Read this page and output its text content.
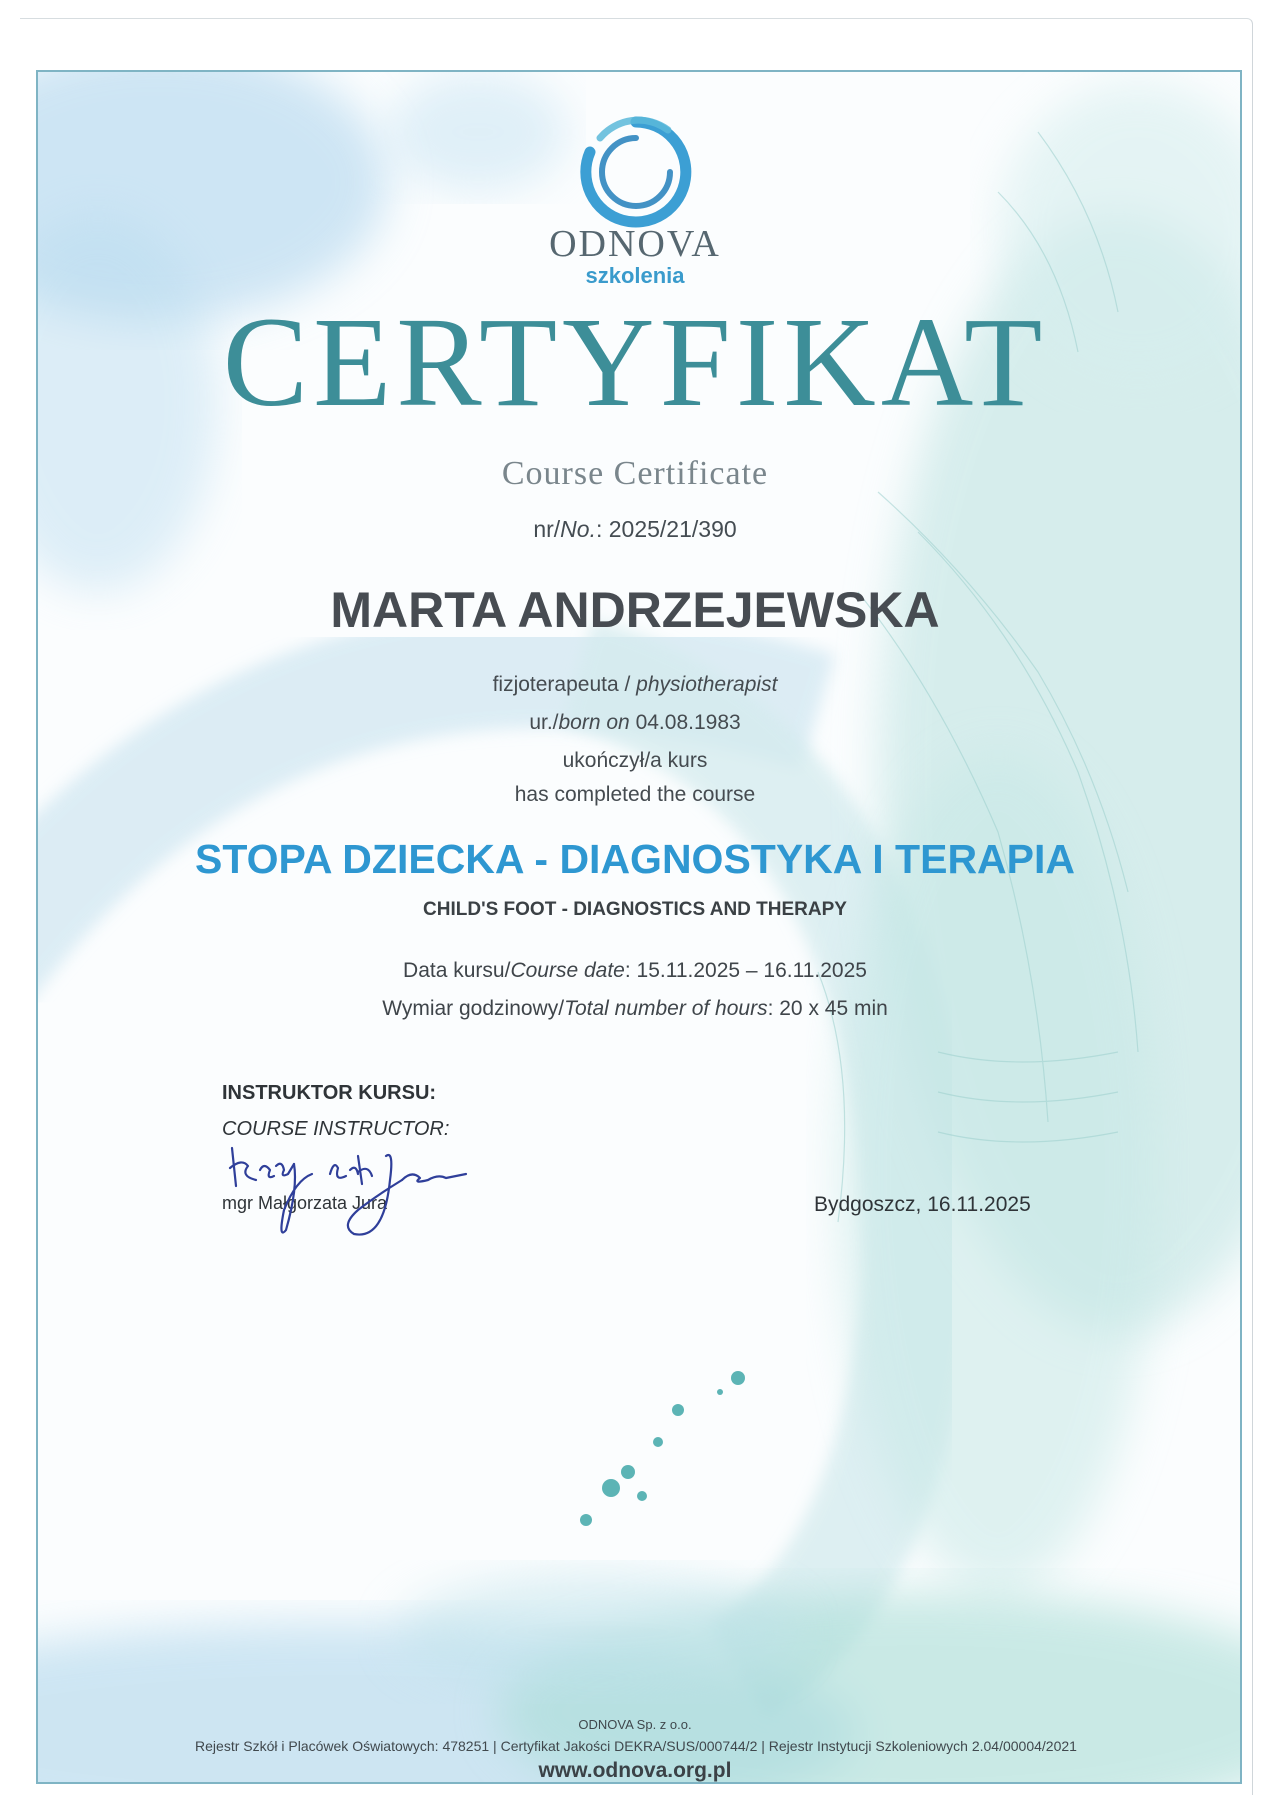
ODNOVA
szkolenia
CERTYFIKAT
Course Certificate
nr/No.: 2025/21/390
MARTA ANDRZEJEWSKA
fizjoterapeuta / physiotherapist
ur./born on 04.08.1983
ukończył/a kurs
has completed the course
STOPA DZIECKA - DIAGNOSTYKA I TERAPIA
CHILD'S FOOT - DIAGNOSTICS AND THERAPY
Data kursu/Course date: 15.11.2025 – 16.11.2025
Wymiar godzinowy/Total number of hours: 20 x 45 min
INSTRUKTOR KURSU:
COURSE INSTRUCTOR:
mgr Małgorzata Jura	Bydgoszcz, 16.11.2025
ODNOVA Sp. z o.o.
Rejestr Szkół i Placówek Oświatowych: 478251 | Certyfikat Jakości DEKRA/SUS/000744/2 | Rejestr Instytucji Szkoleniowych 2.04/00004/2021
www.odnova.org.pl
